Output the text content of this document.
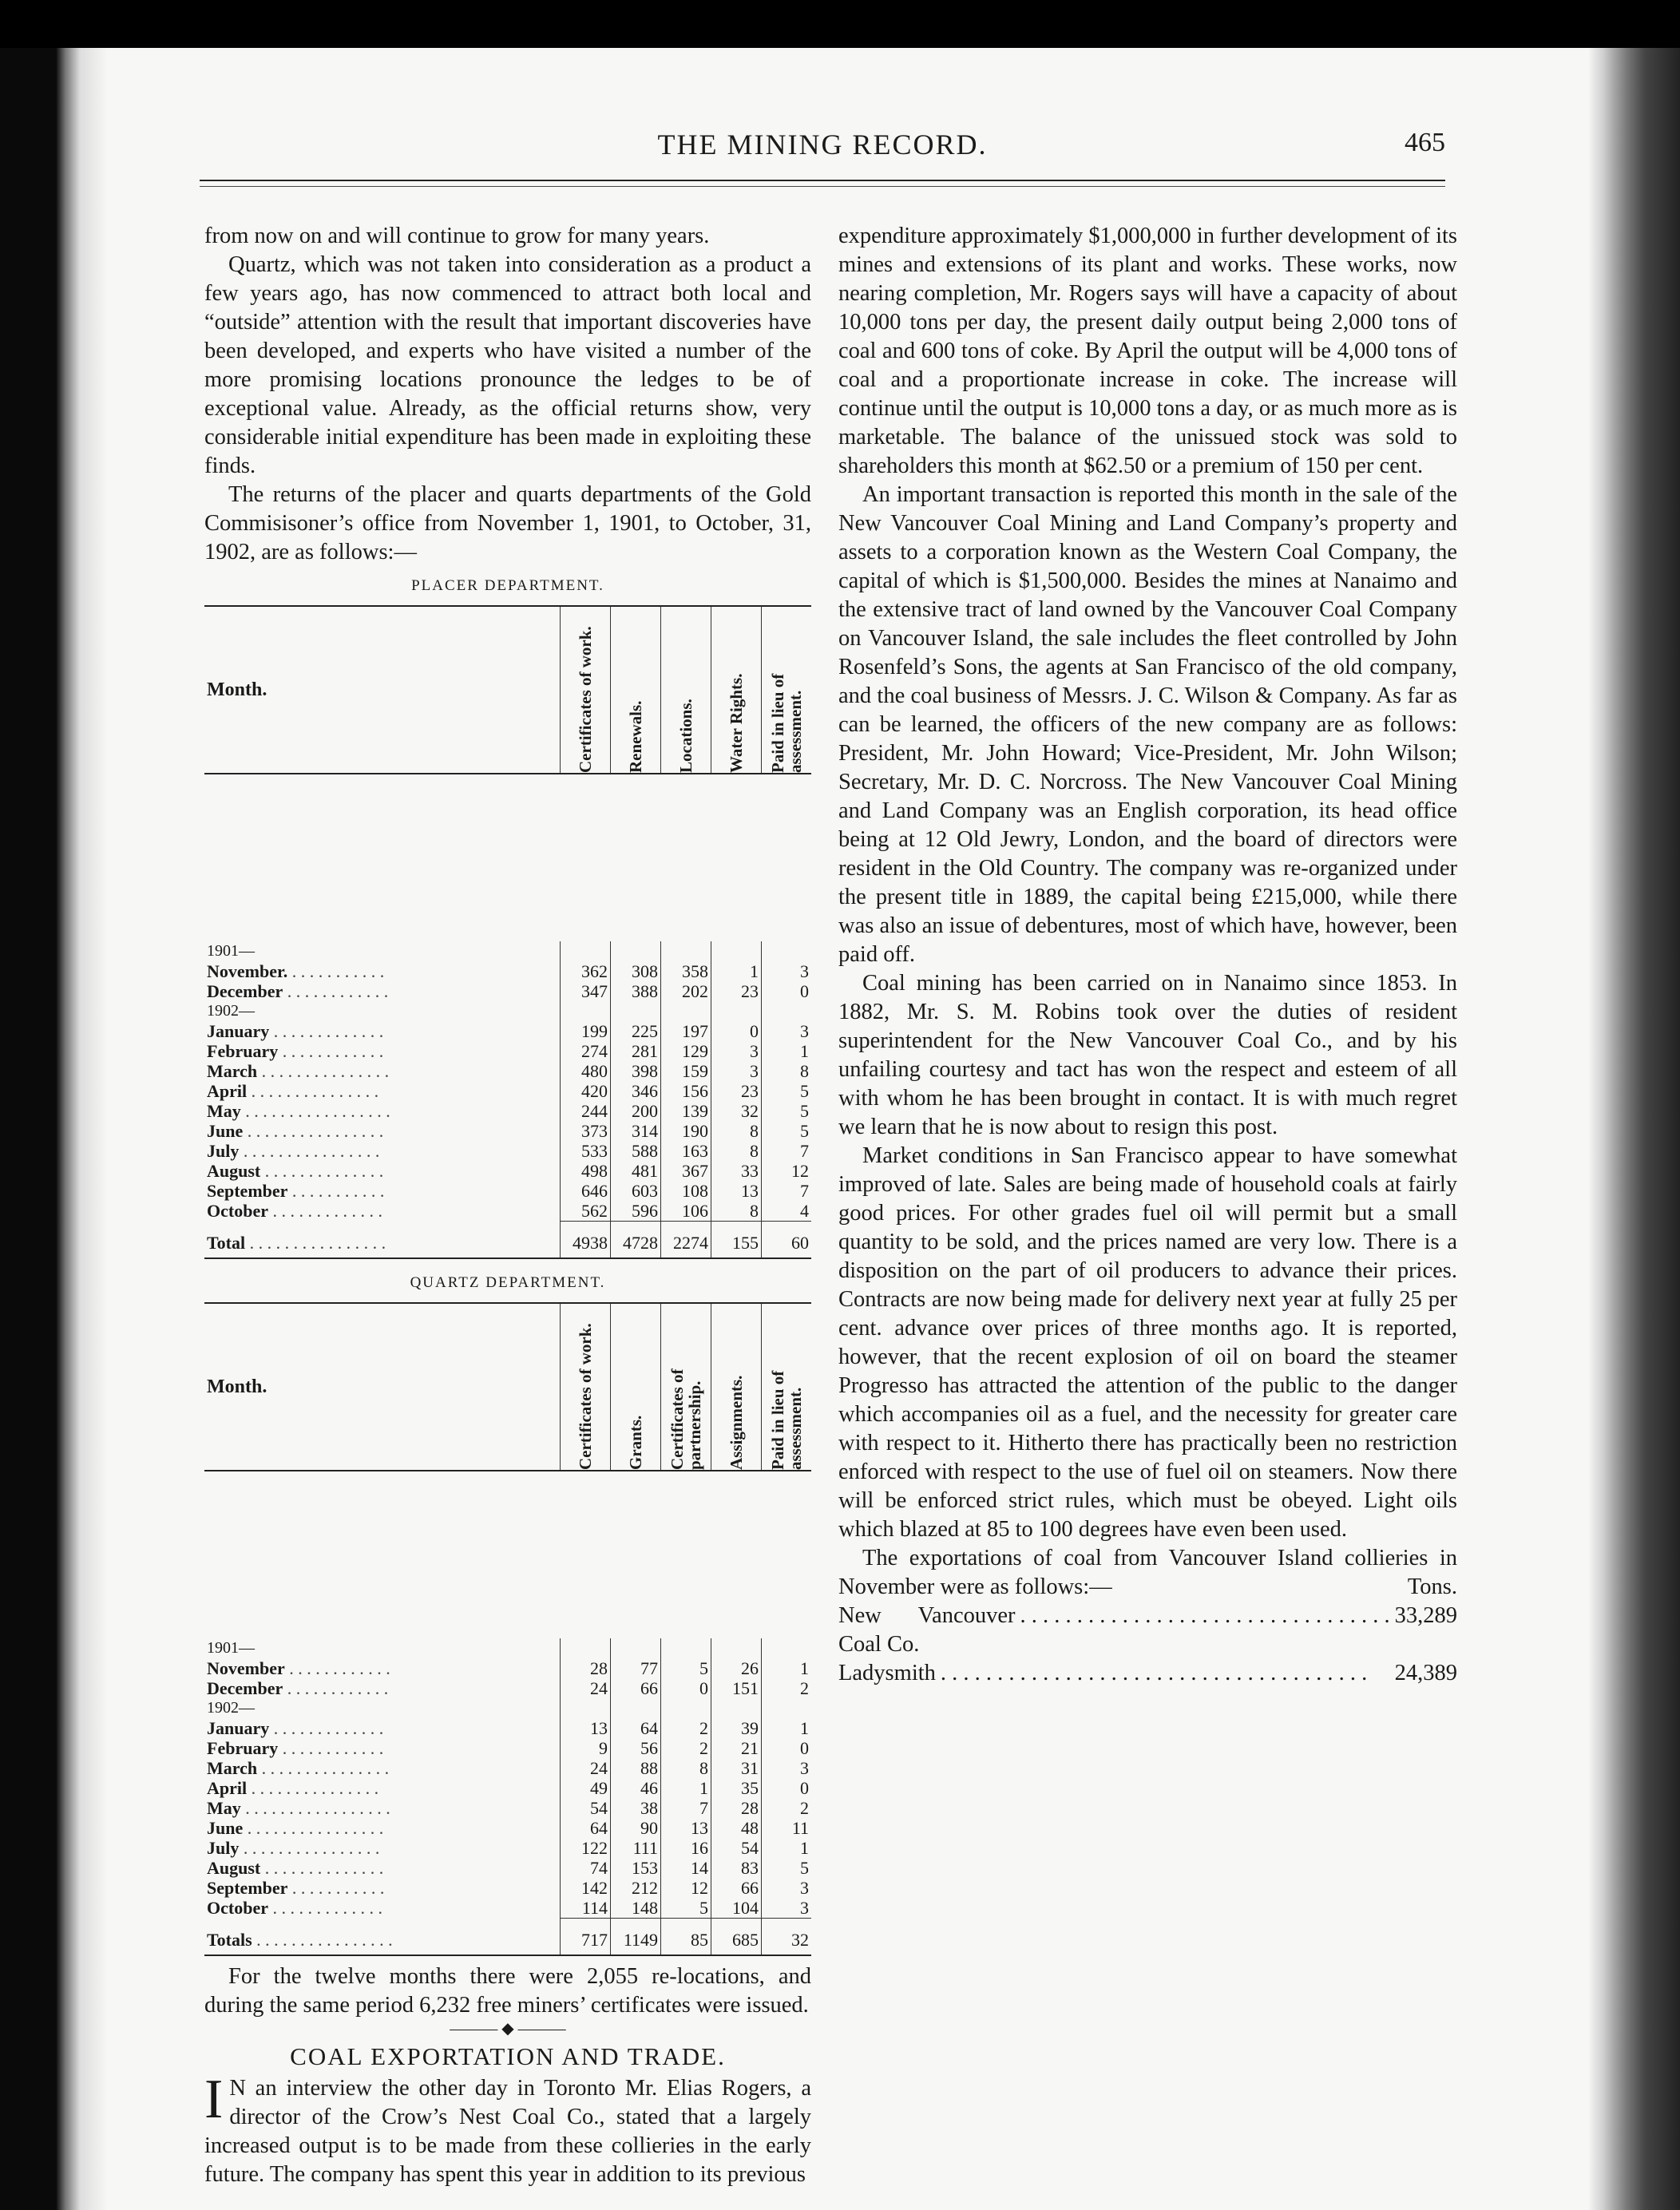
THE MINING RECORD.	465

from now on and will continue to grow for many years.

Quartz, which was not taken into consideration as a product a few years ago, has now commenced to attract both local and “outside” attention with the result that important discoveries have been developed, and experts who have visited a number of the more promising locations pronounce the ledges to be of exceptional value. Already, as the official returns show, very considerable initial expenditure has been made in exploiting these finds.

The returns of the placer and quarts departments of the Gold Commisisoner’s office from November 1, 1901, to October, 31, 1902, are as follows:—

PLACER DEPARTMENT.
Month.	Certificates of work.	Renewals.	Locations.	Water Rights.	Paid in lieu of assessment.

1901—					
November. . . . . . . . . . . .	362	308	358	1	3
December . . . . . . . . . . . .	347	388	202	23	0
1902—					
January . . . . . . . . . . . . .	199	225	197	0	3
February . . . . . . . . . . . .	274	281	129	3	1
March . . . . . . . . . . . . . . .	480	398	159	3	8
April . . . . . . . . . . . . . . .	420	346	156	23	5
May . . . . . . . . . . . . . . . . .	244	200	139	32	5
June . . . . . . . . . . . . . . . .	373	314	190	8	5
July . . . . . . . . . . . . . . . .	533	588	163	8	7
August . . . . . . . . . . . . . .	498	481	367	33	12
September . . . . . . . . . . .	646	603	108	13	7
October . . . . . . . . . . . . .	562	596	106	8	4
Total . . . . . . . . . . . . . . . .	4938	4728	2274	155	60
QUARTZ DEPARTMENT.
Month.	Certificates of work.	Grants.	Certificates of partnership.	Assignments.	Paid in lieu of assessment.

1901—					
November . . . . . . . . . . . .	28	77	5	26	1
December . . . . . . . . . . . .	24	66	0	151	2
1902—					
January . . . . . . . . . . . . .	13	64	2	39	1
February . . . . . . . . . . . .	9	56	2	21	0
March . . . . . . . . . . . . . . .	24	88	8	31	3
April . . . . . . . . . . . . . . .	49	46	1	35	0
May . . . . . . . . . . . . . . . . .	54	38	7	28	2
June . . . . . . . . . . . . . . . .	64	90	13	48	11
July . . . . . . . . . . . . . . . .	122	111	16	54	1
August . . . . . . . . . . . . . .	74	153	14	83	5
September . . . . . . . . . . .	142	212	12	66	3
October . . . . . . . . . . . . .	114	148	5	104	3
Totals . . . . . . . . . . . . . . . .	717	1149	85	685	32

For the twelve months there were 2,055 re-locations, and during the same period 6,232 free miners’ certificates were issued.

——— ◆ ———

COAL EXPORTATION AND TRADE.

I N an interview the other day in Toronto Mr. Elias Rogers, a director of the Crow’s Nest Coal Co., stated that a largely increased output is to be made from these collieries in the early future. The company has spent this year in addition to its previous

expenditure approximately $1,000,000 in further development of its mines and extensions of its plant and works. These works, now nearing completion, Mr. Rogers says will have a capacity of about 10,000 tons per day, the present daily output being 2,000 tons of coal and 600 tons of coke. By April the output will be 4,000 tons of coal and a proportionate increase in coke. The increase will continue until the output is 10,000 tons a day, or as much more as is marketable. The balance of the unissued stock was sold to shareholders this month at $62.50 or a premium of 150 per cent.

An important transaction is reported this month in the sale of the New Vancouver Coal Mining and Land Company’s property and assets to a corporation known as the Western Coal Company, the capital of which is $1,500,000. Besides the mines at Nanaimo and the extensive tract of land owned by the Vancouver Coal Company on Vancouver Island, the sale includes the fleet controlled by John Rosenfeld’s Sons, the agents at San Francisco of the old company, and the coal business of Messrs. J. C. Wilson & Company. As far as can be learned, the officers of the new company are as follows: President, Mr. John Howard; Vice-President, Mr. John Wilson; Secretary, Mr. D. C. Norcross. The New Vancouver Coal Mining and Land Company was an English corporation, its head office being at 12 Old Jewry, London, and the board of directors were resident in the Old Country. The company was re-organized under the present title in 1889, the capital being £215,000, while there was also an issue of debentures, most of which have, however, been paid off.

Coal mining has been carried on in Nanaimo since 1853. In 1882, Mr. S. M. Robins took over the duties of resident superintendent for the New Vancouver Coal Co., and by his unfailing courtesy and tact has won the respect and esteem of all with whom he has been brought in contact. It is with much regret we learn that he is now about to resign this post.

Market conditions in San Francisco appear to have somewhat improved of late. Sales are being made of household coals at fairly good prices. For other grades fuel oil will permit but a small quantity to be sold, and the prices named are very low. There is a disposition on the part of oil producers to advance their prices. Contracts are now being made for delivery next year at fully 25 per cent. advance over prices of three months ago. It is reported, however, that the recent explosion of oil on board the steamer Progresso has attracted the attention of the public to the danger which accompanies oil as a fuel, and the necessity for greater care with respect to it. Hitherto there has practically been no restriction enforced with respect to the use of fuel oil on steamers. Now there will be enforced strict rules, which must be obeyed. Light oils which blazed at 85 to 100 degrees have even been used.

The exportations of coal from Vancouver Island collieries in November were as follows:—	Tons.

New Vancouver Coal Co.
. . . . . . . . . . . . . . . . . . . . . . . . . . . . . . . . . 33,289
Ladysmith . . . . . . . . . . . . . . . . . . . . . . . . . . . . . . . . . . . . . .	24,389
